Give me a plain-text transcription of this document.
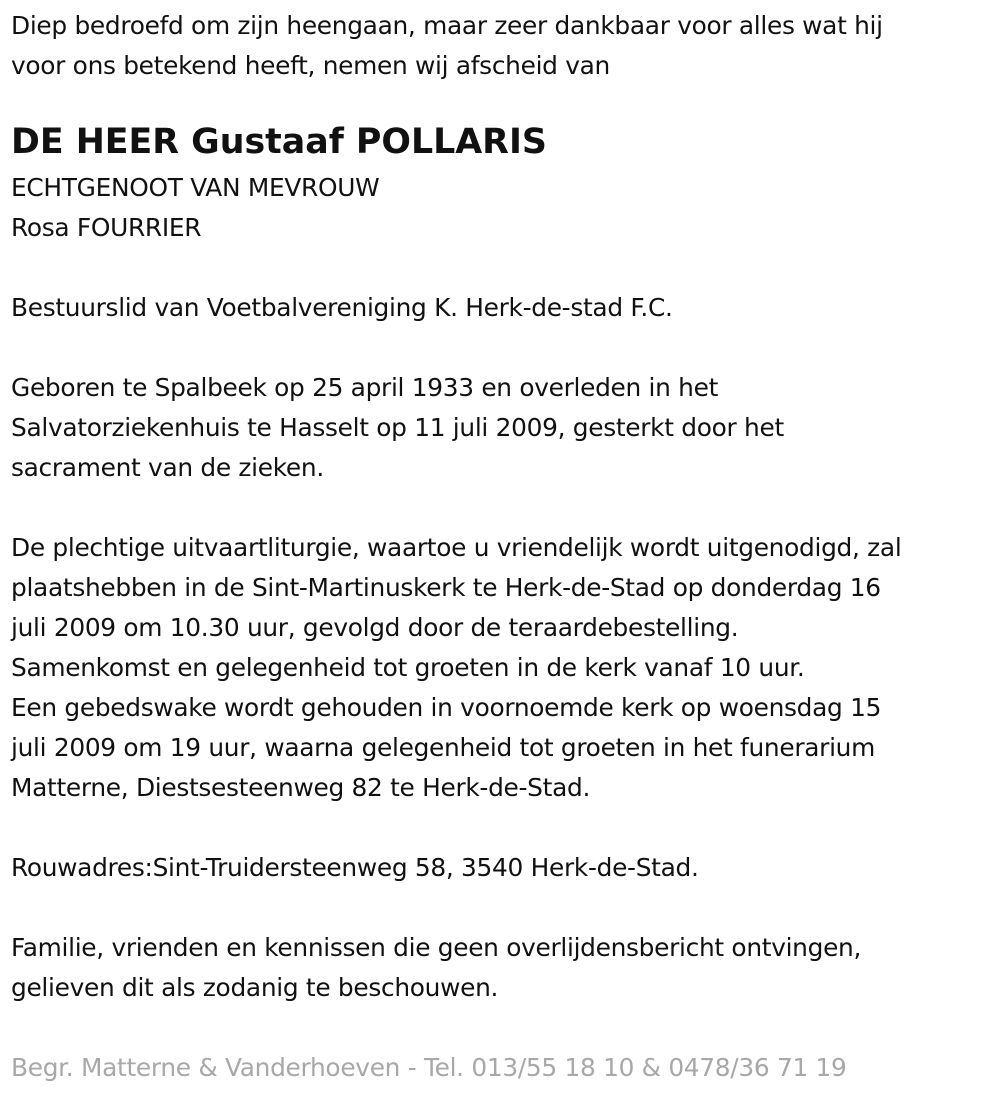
Diep bedroefd om zijn heengaan, maar zeer dankbaar voor alles wat hij
voor ons betekend heeft, nemen wij afscheid van
DE HEER Gustaaf POLLARIS
ECHTGENOOT VAN MEVROUW
Rosa FOURRIER
Bestuurslid van Voetbalvereniging K. Herk-de-stad F.C.
Geboren te Spalbeek op 25 april 1933 en overleden in het
Salvatorziekenhuis te Hasselt op 11 juli 2009, gesterkt door het
sacrament van de zieken.
De plechtige uitvaartliturgie, waartoe u vriendelijk wordt uitgenodigd, zal
plaatshebben in de Sint-Martinuskerk te Herk-de-Stad op donderdag 16
juli 2009 om 10.30 uur, gevolgd door de teraardebestelling.
Samenkomst en gelegenheid tot groeten in de kerk vanaf 10 uur.
Een gebedswake wordt gehouden in voornoemde kerk op woensdag 15
juli 2009 om 19 uur, waarna gelegenheid tot groeten in het funerarium
Matterne, Diestsesteenweg 82 te Herk-de-Stad.
Rouwadres:Sint-Truidersteenweg 58, 3540 Herk-de-Stad.
Familie, vrienden en kennissen die geen overlijdensbericht ontvingen,
gelieven dit als zodanig te beschouwen.
Begr. Matterne & Vanderhoeven - Tel. 013/55 18 10 & 0478/36 71 19
